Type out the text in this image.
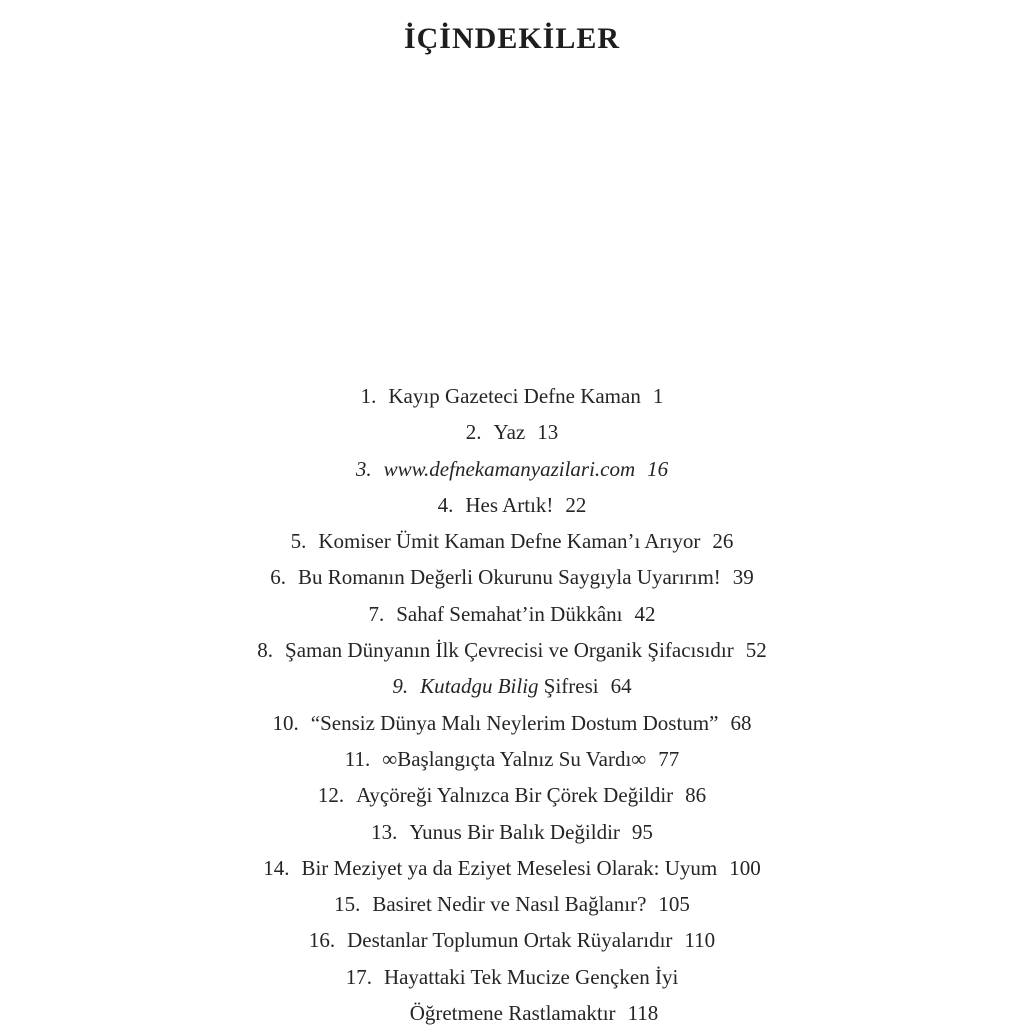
İÇİNDEKİLER
1. Kayıp Gazeteci Defne Kaman 1
2. Yaz 13
3. www.defnekamanyazilari.com 16
4. Hes Artık! 22
5. Komiser Ümit Kaman Defne Kaman’ı Arıyor 26
6. Bu Romanın Değerli Okurunu Saygıyla Uyarırım! 39
7. Sahaf Semahat’in Dükkânı 42
8. Şaman Dünyanın İlk Çevrecisi ve Organik Şifacısıdır 52
9. Kutadgu Bilig Şifresi 64
10. “Sensiz Dünya Malı Neylerim Dostum Dostum” 68
11. ∞Başlangıçta Yalnız Su Vardı∞ 77
12. Ayçöreği Yalnızca Bir Çörek Değildir 86
13. Yunus Bir Balık Değildir 95
14. Bir Meziyet ya da Eziyet Meselesi Olarak: Uyum 100
15. Basiret Nedir ve Nasıl Bağlanır? 105
16. Destanlar Toplumun Ortak Rüyalarıdır 110
17. Hayattaki Tek Mucize Gençken İyi
Öğretmene Rastlamaktır 118
